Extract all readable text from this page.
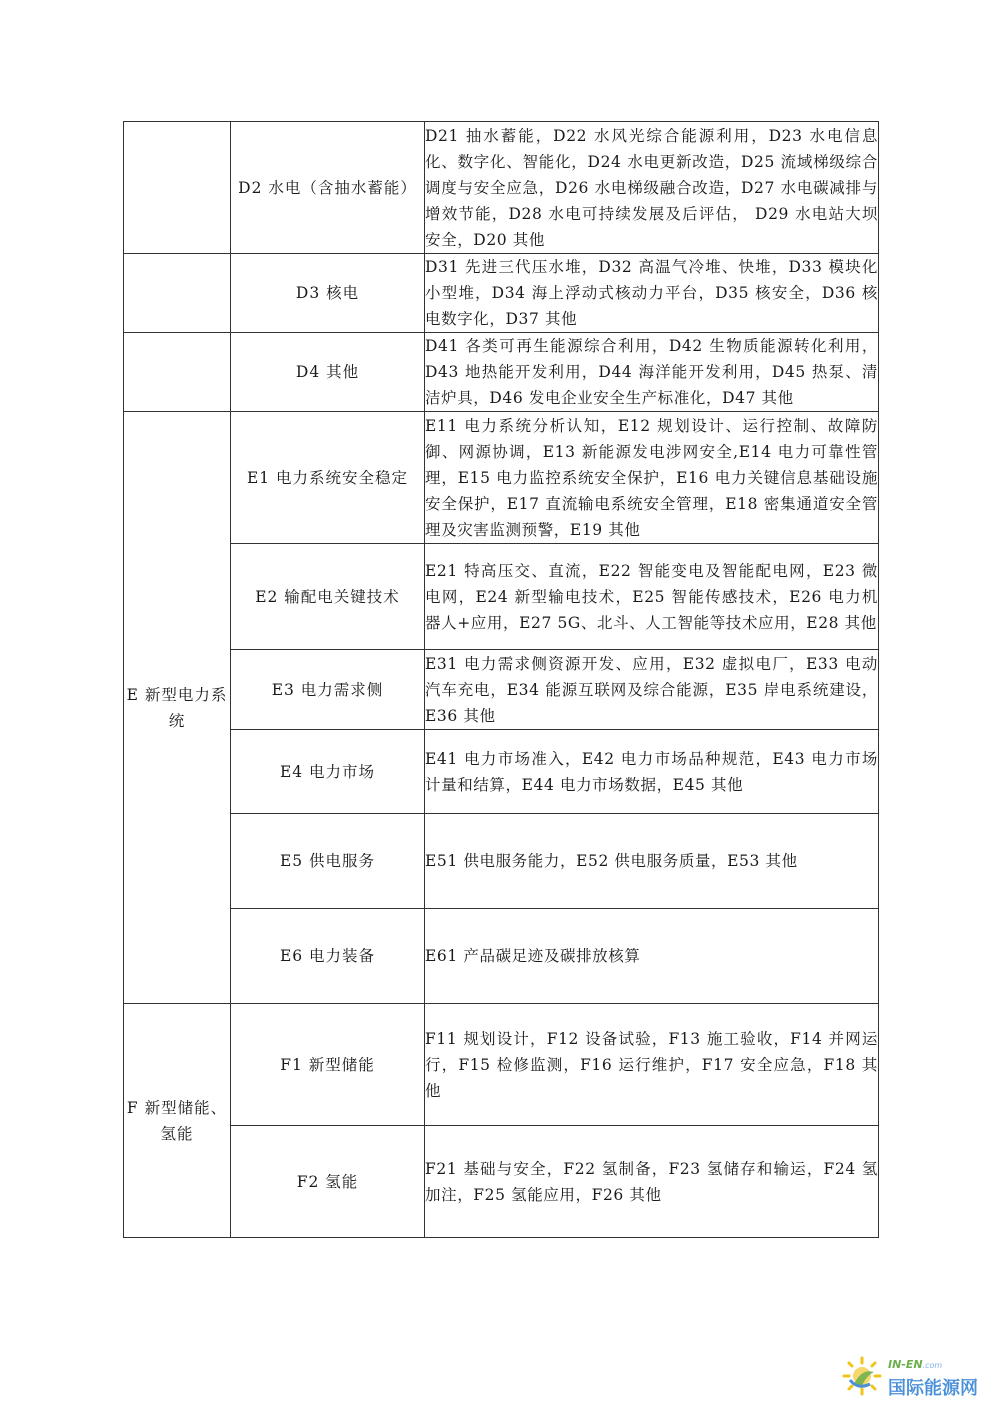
	D2 水电（含抽水蓄能）	D21 抽水蓄能，D22 水风光综合能源利用，D23 水电信息化、数字化、智能化，D24 水电更新改造，D25 流域梯级综合调度与安全应急，D26 水电梯级融合改造，D27 水电碳减排与增效节能，D28 水电可持续发展及后评估， D29 水电站大坝安全，D20 其他
	D3 核电	D31 先进三代压水堆，D32 高温气冷堆、快堆，D33 模块化小型堆，D34 海上浮动式核动力平台，D35 核安全，D36 核电数字化，D37 其他
	D4 其他	D41 各类可再生能源综合利用，D42 生物质能源转化利用，D43 地热能开发利用，D44 海洋能开发利用，D45 热泵、清洁炉具，D46 发电企业安全生产标准化，D47 其他
E 新型电力系统	E1 电力系统安全稳定	E11 电力系统分析认知，E12 规划设计、运行控制、故障防御、网源协调，E13 新能源发电涉网安全,E14 电力可靠性管理，E15 电力监控系统安全保护，E16 电力关键信息基础设施安全保护，E17 直流输电系统安全管理，E18 密集通道安全管理及灾害监测预警，E19 其他
	E2 输配电关键技术	E21 特高压交、直流，E22 智能变电及智能配电网，E23 微电网，E24 新型输电技术，E25 智能传感技术，E26 电力机器人+应用，E27 5G、北斗、人工智能等技术应用，E28 其他
	E3 电力需求侧	E31 电力需求侧资源开发、应用，E32 虚拟电厂，E33 电动汽车充电，E34 能源互联网及综合能源，E35 岸电系统建设，E36 其他
	E4 电力市场	E41 电力市场准入，E42 电力市场品种规范，E43 电力市场计量和结算，E44 电力市场数据，E45 其他
	E5 供电服务	E51 供电服务能力，E52 供电服务质量，E53 其他
	E6 电力装备	E61 产品碳足迹及碳排放核算
F 新型储能、氢能	F1 新型储能	F11 规划设计，F12 设备试验，F13 施工验收，F14 并网运行，F15 检修监测，F16 运行维护，F17 安全应急，F18 其他
	F2 氢能	F21 基础与安全，F22 氢制备，F23 氢储存和输运，F24 氢加注，F25 氢能应用，F26 其他
IN-EN.com
国际能源网
